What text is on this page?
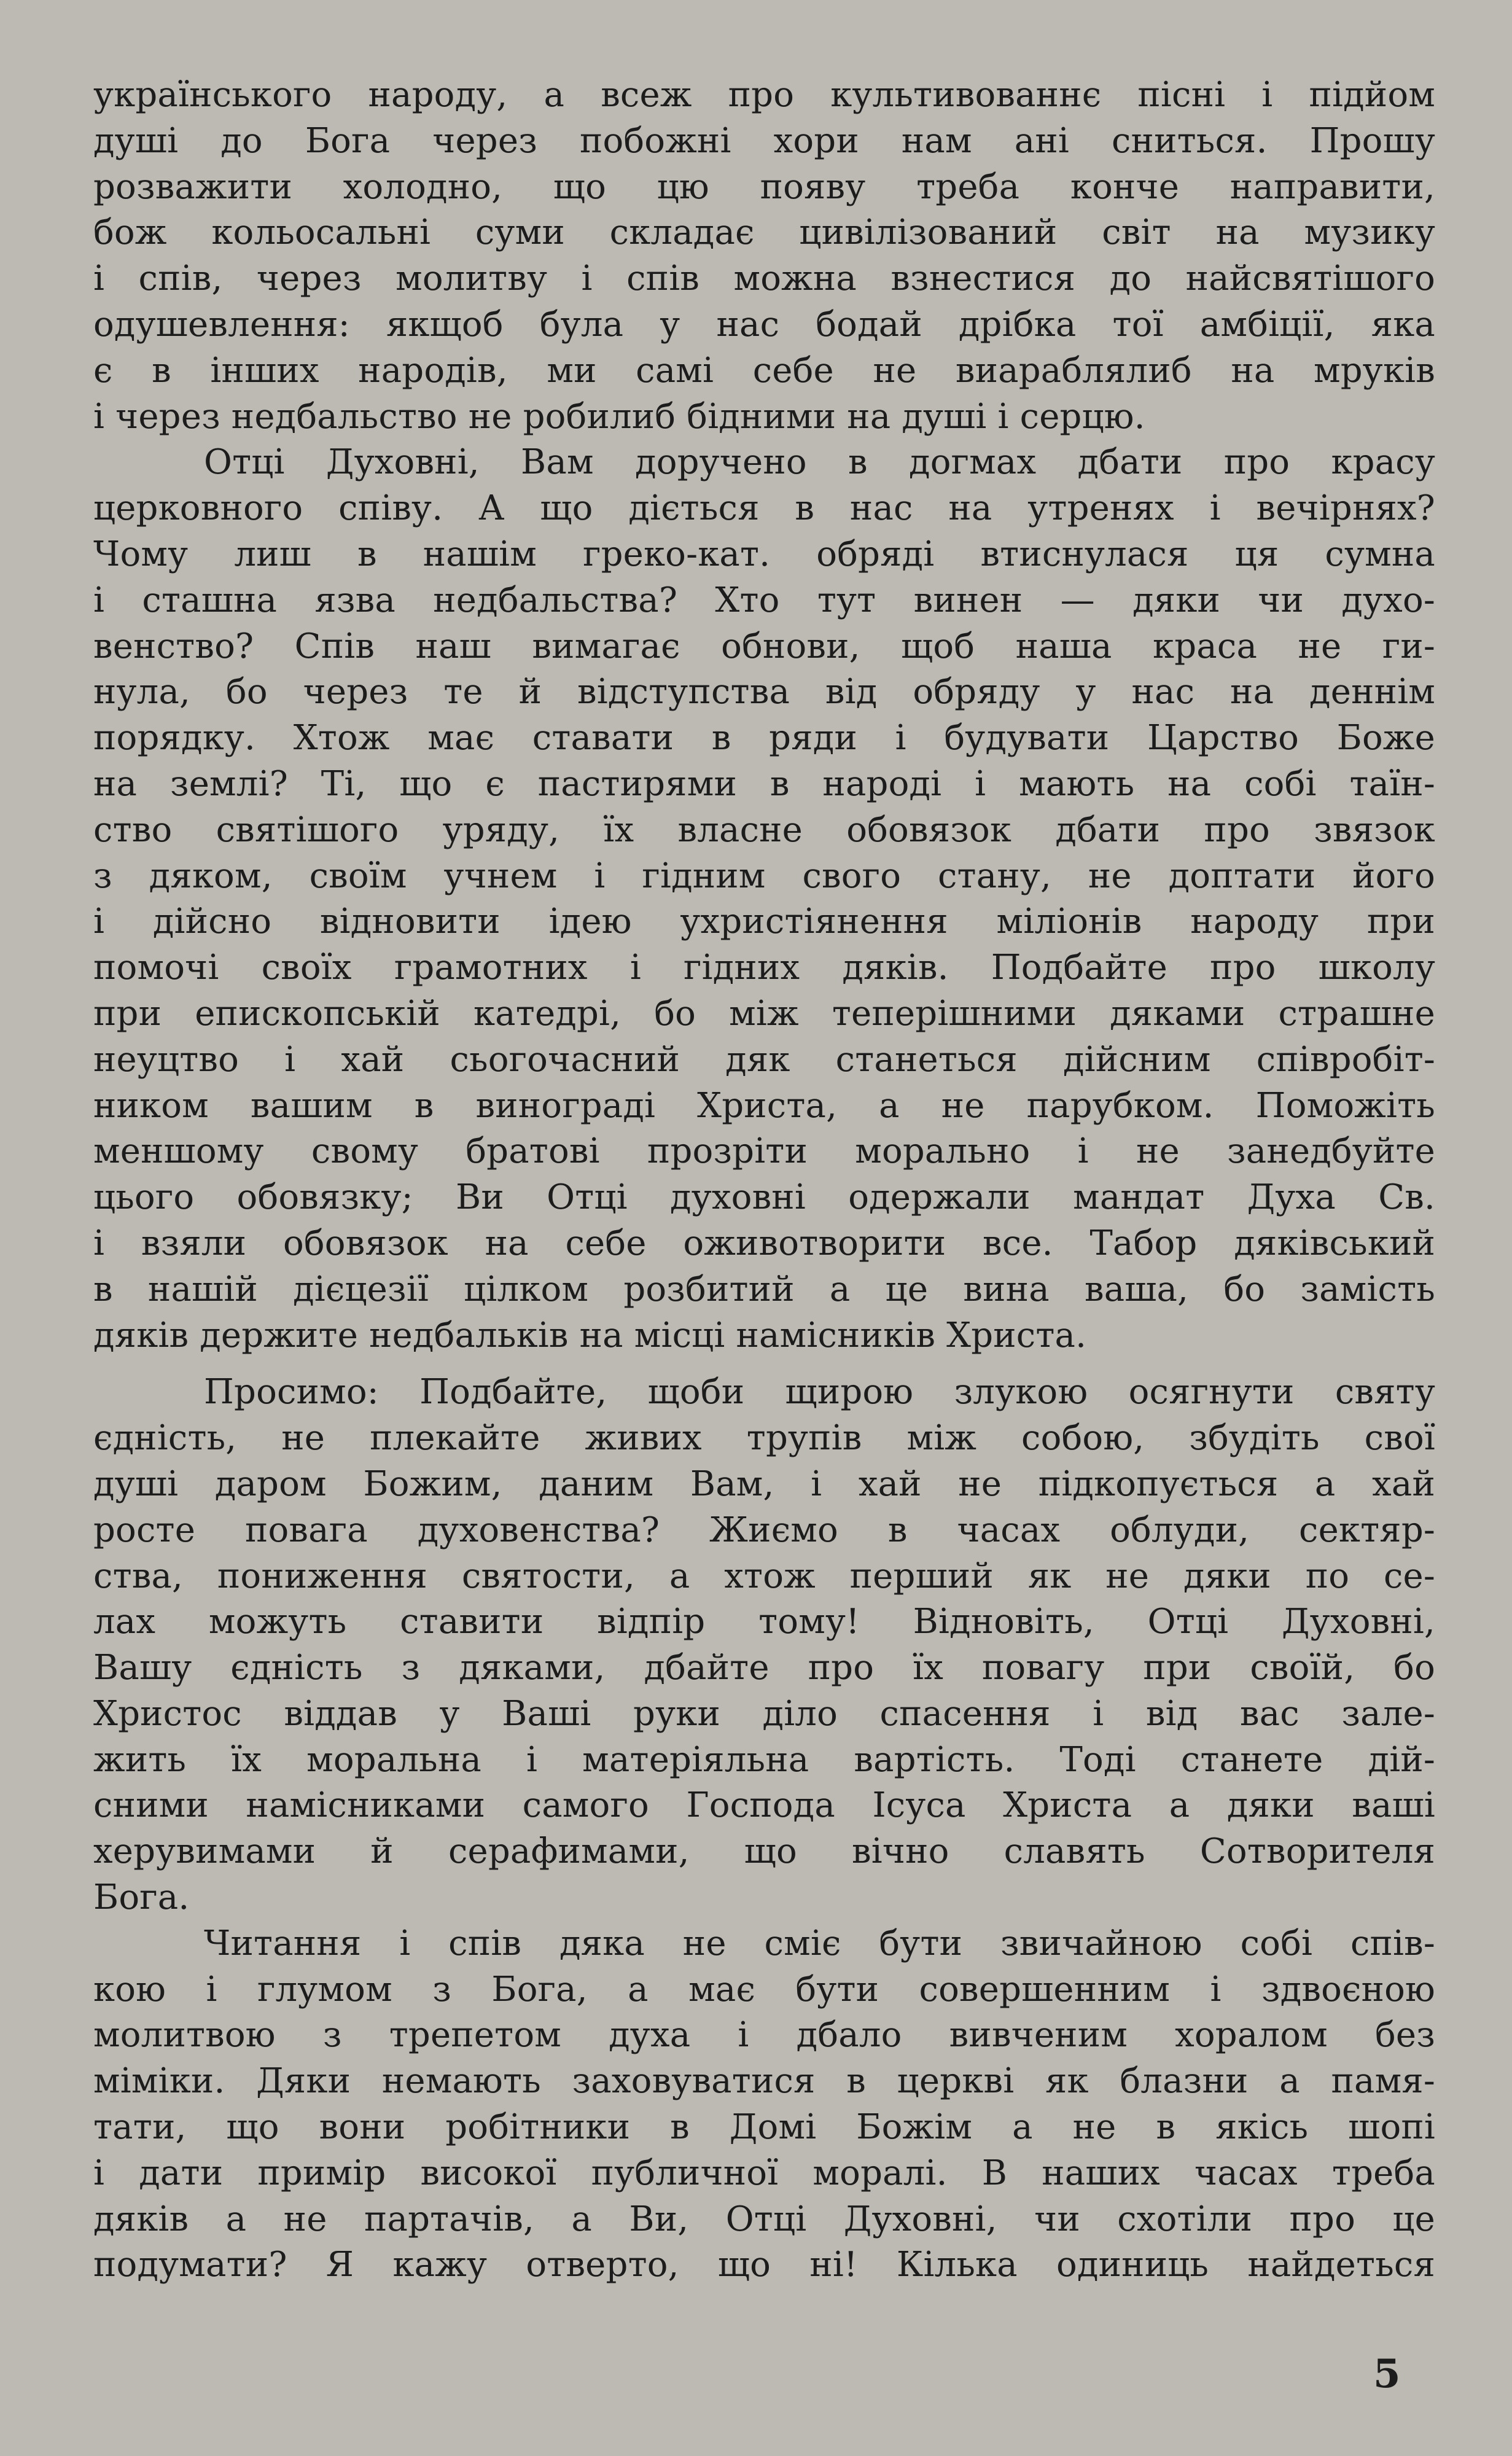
українського народу, а всеж про культивованнє пісні і підйом
душі до Бога через побожні хори нам ані сниться. Прошу
розважити холодно, що цю появу треба конче направити,
бож кольосальні суми складає цивілізований світ на музику
і спів, через молитву і спів можна взнестися до найсвятішого
одушевлення: якщоб була у нас бодай дрібка тої амбіції, яка
є в інших народів, ми самі себе не виараблялиб на мруків
і через недбальство не робилиб бідними на душі і серцю.
Отці Духовні, Вам доручено в догмах дбати про красу
церковного співу. А що діється в нас на утренях і вечірнях?
Чому лиш в нашім греко-кат. обряді втиснулася ця сумна
і сташна язва недбальства? Хто тут винен — дяки чи духо-
венство? Спів наш вимагає обнови, щоб наша краса не ги-
нула, бо через те й відступства від обряду у нас на деннім
порядку. Хтож має ставати в ряди і будувати Царство Боже
на землі? Ті, що є пастирями в народі і мають на собі таїн-
ство святішого уряду, їх власне обовязок дбати про звязок
з дяком, своїм учнем і гідним свого стану, не доптати його
і дійсно відновити ідею ухристіянення міліонів народу при
помочі своїх грамотних і гідних дяків. Подбайте про школу
при епископській катедрі, бо між теперішними дяками страшне
неуцтво і хай сьогочасний дяк станеться дійсним співробіт-
ником вашим в винограді Христа, а не парубком. Поможіть
меншому свому братові прозріти морально і не занедбуйте
цього обовязку; Ви Отці духовні одержали мандат Духа Св.
і взяли обовязок на себе оживотворити все. Табор дяківський
в нашій дієцезії цілком розбитий а це вина ваша, бо замість
дяків держите недбальків на місці намісників Христа.
Просимо: Подбайте, щоби щирою злукою осягнути святу
єдність, не плекайте живих трупів між собою, збудіть свої
душі даром Божим, даним Вам, і хай не підкопується а хай
росте повага духовенства? Жиємо в часах облуди, сектяр-
ства, пониження святости, а хтож перший як не дяки по се-
лах можуть ставити відпір тому! Відновіть, Отці Духовні,
Вашу єдність з дяками, дбайте про їх повагу при своїй, бо
Христос віддав у Ваші руки діло спасення і від вас зале-
жить їх моральна і матеріяльна вартість. Тоді станете дій-
сними намісниками самого Господа Ісуса Христа а дяки ваші
херувимами й серафимами, що вічно славять Сотворителя
Бога.
Читання і спів дяка не сміє бути звичайною собі спів-
кою і глумом з Бога, а має бути совершенним і здвоєною
молитвою з трепетом духа і дбало вивченим хоралом без
міміки. Дяки немають заховуватися в церкві як блазни а памя-
тати, що вони робітники в Домі Божім а не в якісь шопі
і дати примір високої публичної моралі. В наших часах треба
дяків а не партачів, а Ви, Отці Духовні, чи схотіли про це
подумати? Я кажу отверто, що ні! Кілька одиниць найдеться
5
